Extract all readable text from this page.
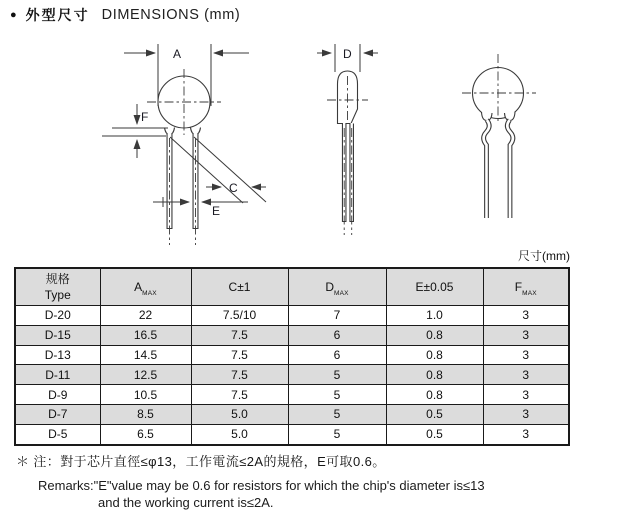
● 外型尺寸 DIMENSIONS (mm)
A
F
C
E
D
尺寸(mm)
规格
Type	$A_{MAX}$	C±1	$D_{MAX}$	E±0.05	$F_{MAX}$
D-20	22	7.5/10	7	1.0	3
D-15	16.5	7.5	6	0.8	3
D-13	14.5	7.5	6	0.8	3
D-11	12.5	7.5	5	0.8	3
D-9	10.5	7.5	5	0.8	3
D-7	8.5	5.0	5	0.5	3
D-5	6.5	5.0	5	0.5	3
＊ 注：對于芯片直徑≤φ13，工作電流≤2A的規格，E可取0.6。
Remarks:"E"value may be 0.6 for resistors for which the chip's diameter is≤13
and the working current is≤2A.
